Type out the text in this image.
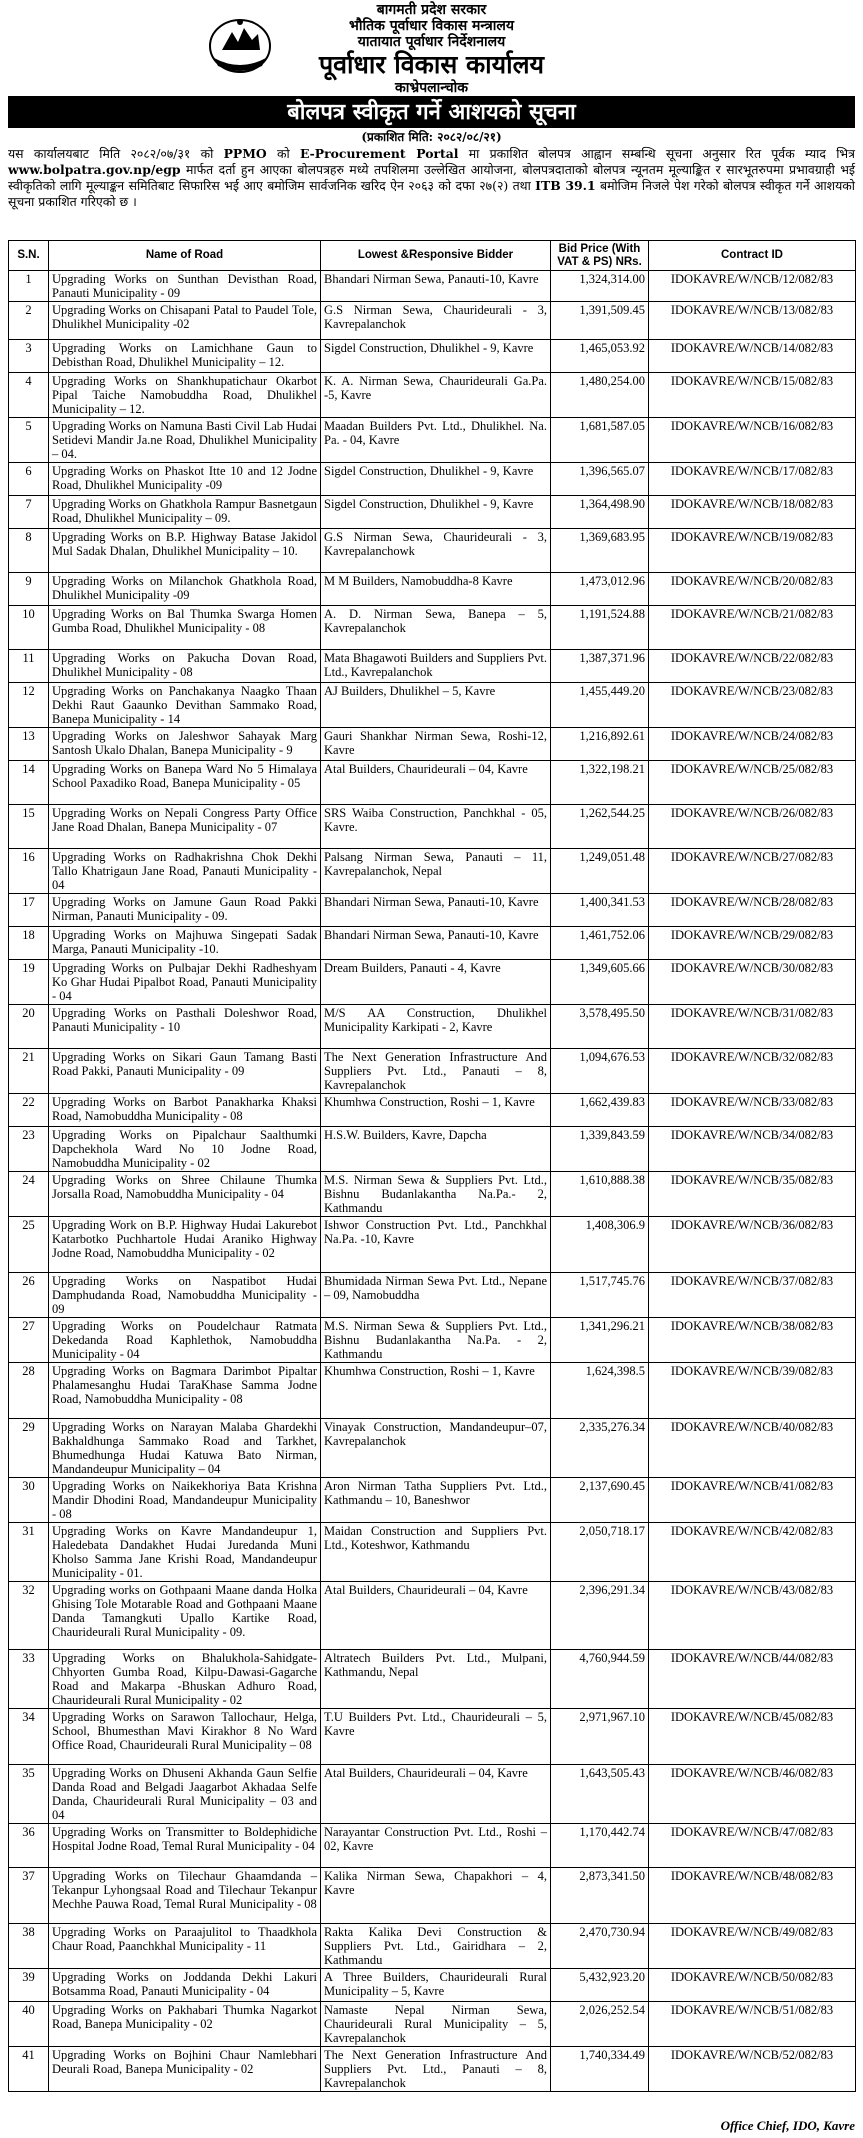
बागमती प्रदेश सरकार
भौतिक पूर्वाधार विकास मन्त्रालय
यातायात पूर्वाधार निर्देशनालय
पूर्वाधार विकास कार्यालय
काभ्रेपलान्चोक
बोलपत्र स्वीकृत गर्ने आशयको सूचना
(प्रकाशित मिति: २०८२/०८/२१)

यस कार्यालयबाट मिति २०८२/०७/३१ को PPMO को E-Procurement Portal मा प्रकाशित बोलपत्र आह्वान सम्बन्धि सूचना अनुसार रित पूर्वक म्याद भित्र www.bolpatra.gov.np/egp मार्फत दर्ता हुन आएका बोलपत्रहरु मध्ये तपशिलमा उल्लेखित आयोजना, बोलपत्रदाताको बोलपत्र न्यूनतम मूल्याङ्कित र सारभूतरुपमा प्रभावग्राही भई स्वीकृतिको लागि मूल्याङ्कन समितिबाट सिफारिस भई आए बमोजिम सार्वजनिक खरिद ऐन २०६३ को दफा २७(२) तथा ITB 39.1 बमोजिम निजले पेश गरेको बोलपत्र स्वीकृत गर्ने आशयको सूचना प्रकाशित गरिएको छ ।

S.N.	Name of Road	Lowest &Responsive Bidder	Bid Price (With VAT & PS) NRs.	Contract ID
1	Upgrading Works on Sunthan Devisthan Road, Panauti Municipality - 09	Bhandari Nirman Sewa, Panauti-10, Kavre	1,324,314.00	IDOKAVRE/W/NCB/12/082/83
2	Upgrading Works on Chisapani Patal to Paudel Tole, Dhulikhel Municipality -02	G.S Nirman Sewa, Chaurideurali - 3, Kavrepalanchok	1,391,509.45	IDOKAVRE/W/NCB/13/082/83
3	Upgrading Works on Lamichhane Gaun to Debisthan Road, Dhulikhel Municipality – 12.	Sigdel Construction, Dhulikhel - 9, Kavre	1,465,053.92	IDOKAVRE/W/NCB/14/082/83
4	Upgrading Works on Shankhupatichaur Okarbot Pipal Taiche Namobuddha Road, Dhulikhel Municipality – 12.	K. A. Nirman Sewa, Chaurideurali Ga.Pa. -5, Kavre	1,480,254.00	IDOKAVRE/W/NCB/15/082/83
5	Upgrading Works on Namuna Basti Civil Lab Hudai Setidevi Mandir Ja.ne Road, Dhulikhel Municipality – 04.	Maadan Builders Pvt. Ltd., Dhulikhel. Na. Pa. - 04, Kavre	1,681,587.05	IDOKAVRE/W/NCB/16/082/83
6	Upgrading Works on Phaskot Itte 10 and 12 Jodne Road, Dhulikhel Municipality -09	Sigdel Construction, Dhulikhel - 9, Kavre	1,396,565.07	IDOKAVRE/W/NCB/17/082/83
7	Upgrading Works on Ghatkhola Rampur Basnetgaun Road, Dhulikhel Municipality – 09.	Sigdel Construction, Dhulikhel - 9, Kavre	1,364,498.90	IDOKAVRE/W/NCB/18/082/83
8	Upgrading Works on B.P. Highway Batase Jakidol Mul Sadak Dhalan, Dhulikhel Municipality – 10.	G.S Nirman Sewa, Chaurideurali - 3, Kavrepalanchowk	1,369,683.95	IDOKAVRE/W/NCB/19/082/83
9	Upgrading Works on Milanchok Ghatkhola Road, Dhulikhel Municipality -09	M M Builders, Namobuddha-8 Kavre	1,473,012.96	IDOKAVRE/W/NCB/20/082/83
10	Upgrading Works on Bal Thumka Swarga Homen Gumba Road, Dhulikhel Municipality - 08	A. D. Nirman Sewa, Banepa – 5, Kavrepalanchok	1,191,524.88	IDOKAVRE/W/NCB/21/082/83
11	Upgrading Works on Pakucha Dovan Road, Dhulikhel Municipality - 08	Mata Bhagawoti Builders and Suppliers Pvt. Ltd., Kavrepalanchok	1,387,371.96	IDOKAVRE/W/NCB/22/082/83
12	Upgrading Works on Panchakanya Naagko Thaan Dekhi Raut Gaaunko Devithan Sammako Road, Banepa Municipality - 14	AJ Builders, Dhulikhel – 5, Kavre	1,455,449.20	IDOKAVRE/W/NCB/23/082/83
13	Upgrading Works on Jaleshwor Sahayak Marg Santosh Ukalo Dhalan, Banepa Municipality - 9	Gauri Shankhar Nirman Sewa, Roshi-12, Kavre	1,216,892.61	IDOKAVRE/W/NCB/24/082/83
14	Upgrading Works on Banepa Ward No 5 Himalaya School Paxadiko Road, Banepa Municipality - 05	Atal Builders, Chaurideurali – 04, Kavre	1,322,198.21	IDOKAVRE/W/NCB/25/082/83
15	Upgrading Works on Nepali Congress Party Office Jane Road Dhalan, Banepa Municipality - 07	SRS Waiba Construction, Panchkhal - 05, Kavre.	1,262,544.25	IDOKAVRE/W/NCB/26/082/83
16	Upgrading Works on Radhakrishna Chok Dekhi Tallo Khatrigaun Jane Road, Panauti Municipality - 04	Palsang Nirman Sewa, Panauti – 11, Kavrepalanchok, Nepal	1,249,051.48	IDOKAVRE/W/NCB/27/082/83
17	Upgrading Works on Jamune Gaun Road Pakki Nirman, Panauti Municipality - 09.	Bhandari Nirman Sewa, Panauti-10, Kavre	1,400,341.53	IDOKAVRE/W/NCB/28/082/83
18	Upgrading Works on Majhuwa Singepati Sadak Marga, Panauti Municipality -10.	Bhandari Nirman Sewa, Panauti-10, Kavre	1,461,752.06	IDOKAVRE/W/NCB/29/082/83
19	Upgrading Works on Pulbajar Dekhi Radheshyam Ko Ghar Hudai Pipalbot Road, Panauti Municipality - 04	Dream Builders, Panauti - 4, Kavre	1,349,605.66	IDOKAVRE/W/NCB/30/082/83
20	Upgrading Works on Pasthali Doleshwor Road, Panauti Municipality - 10	M/S AA Construction, Dhulikhel Municipality Karkipati - 2, Kavre	3,578,495.50	IDOKAVRE/W/NCB/31/082/83
21	Upgrading Works on Sikari Gaun Tamang Basti Road Pakki, Panauti Municipality - 09	The Next Generation Infrastructure And Suppliers Pvt. Ltd., Panauti – 8, Kavrepalanchok	1,094,676.53	IDOKAVRE/W/NCB/32/082/83
22	Upgrading Works on Barbot Panakharka Khaksi Road, Namobuddha Municipality - 08	Khumhwa Construction, Roshi – 1, Kavre	1,662,439.83	IDOKAVRE/W/NCB/33/082/83
23	Upgrading Works on Pipalchaur Saalthumki Dapchekhola Ward No 10 Jodne Road, Namobuddha Municipality - 02	H.S.W. Builders, Kavre, Dapcha	1,339,843.59	IDOKAVRE/W/NCB/34/082/83
24	Upgrading Works on Shree Chilaune Thumka Jorsalla Road, Namobuddha Municipality - 04	M.S. Nirman Sewa & Suppliers Pvt. Ltd., Bishnu Budanlakantha Na.Pa.- 2, Kathmandu	1,610,888.38	IDOKAVRE/W/NCB/35/082/83
25	Upgrading Work on B.P. Highway Hudai Lakurebot Katarbotko Puchhartole Hudai Araniko Highway Jodne Road, Namobuddha Municipality - 02	Ishwor Construction Pvt. Ltd., Panchkhal Na.Pa. -10, Kavre	1,408,306.9	IDOKAVRE/W/NCB/36/082/83
26	Upgrading Works on Naspatibot Hudai Damphudanda Road, Namobuddha Municipality - 09	Bhumidada Nirman Sewa Pvt. Ltd., Nepane – 09, Namobuddha	1,517,745.76	IDOKAVRE/W/NCB/37/082/83
27	Upgrading Works on Poudelchaur Ratmata Dekedanda Road Kaphlethok, Namobuddha Municipality - 04	M.S. Nirman Sewa & Suppliers Pvt. Ltd., Bishnu Budanlakantha Na.Pa. - 2, Kathmandu	1,341,296.21	IDOKAVRE/W/NCB/38/082/83
28	Upgrading Works on Bagmara Darimbot Pipaltar Phalamesanghu Hudai TaraKhase Samma Jodne Road, Namobuddha Municipality - 08	Khumhwa Construction, Roshi – 1, Kavre	1,624,398.5	IDOKAVRE/W/NCB/39/082/83
29	Upgrading Works on Narayan Malaba Ghardekhi Bakhaldhunga Sammako Road and Tarkhet, Bhumedhunga Hudai Katuwa Bato Nirman, Mandandeupur Municipality – 04	Vinayak Construction, Mandandeupur–07, Kavrepalanchok	2,335,276.34	IDOKAVRE/W/NCB/40/082/83
30	Upgrading Works on Naikekhoriya Bata Krishna Mandir Dhodini Road, Mandandeupur Municipality - 08	Aron Nirman Tatha Suppliers Pvt. Ltd., Kathmandu – 10, Baneshwor	2,137,690.45	IDOKAVRE/W/NCB/41/082/83
31	Upgrading Works on Kavre Mandandeupur 1, Haledebata Dandakhet Hudai Juredanda Muni Kholso Samma Jane Krishi Road, Mandandeupur Municipality - 01.	Maidan Construction and Suppliers Pvt. Ltd., Koteshwor, Kathmandu	2,050,718.17	IDOKAVRE/W/NCB/42/082/83
32	Upgrading works on Gothpaani Maane danda Holka Ghising Tole Motarable Road and Gothpaani Maane Danda Tamangkuti Upallo Kartike Road, Chaurideurali Rural Municipality - 09.	Atal Builders, Chaurideurali – 04, Kavre	2,396,291.34	IDOKAVRE/W/NCB/43/082/83
33	Upgrading Works on Bhalukhola-Sahidgate-Chhyorten Gumba Road, Kilpu-Dawasi-Gagarche Road and Makarpa -Bhuskan Adhuro Road, Chaurideurali Rural Municipality - 02	Altratech Builders Pvt. Ltd., Mulpani, Kathmandu, Nepal	4,760,944.59	IDOKAVRE/W/NCB/44/082/83
34	Upgrading Works on Sarawon Tallochaur, Helga, School, Bhumesthan Mavi Kirakhor 8 No Ward Office Road, Chaurideurali Rural Municipality – 08	T.U Builders Pvt. Ltd., Chaurideurali – 5, Kavre	2,971,967.10	IDOKAVRE/W/NCB/45/082/83
35	Upgrading Works on Dhuseni Akhanda Gaun Selfie Danda Road and Belgadi Jaagarbot Akhadaa Selfe Danda, Chaurideurali Rural Municipality – 03 and 04	Atal Builders, Chaurideurali – 04, Kavre	1,643,505.43	IDOKAVRE/W/NCB/46/082/83
36	Upgrading Works on Transmitter to Boldephidiche Hospital Jodne Road, Temal Rural Municipality - 04	Narayantar Construction Pvt. Ltd., Roshi – 02, Kavre	1,170,442.74	IDOKAVRE/W/NCB/47/082/83
37	Upgrading Works on Tilechaur Ghaamdanda – Tekanpur Lyhongsaal Road and Tilechaur Tekanpur Mechhe Pauwa Road, Temal Rural Municipality - 08	Kalika Nirman Sewa, Chapakhori – 4, Kavre	2,873,341.50	IDOKAVRE/W/NCB/48/082/83
38	Upgrading Works on Paraajulitol to Thaadkhola Chaur Road, Paanchkhal Municipality - 11	Rakta Kalika Devi Construction & Suppliers Pvt. Ltd., Gairidhara – 2, Kathmandu	2,470,730.94	IDOKAVRE/W/NCB/49/082/83
39	Upgrading Works on Joddanda Dekhi Lakuri Botsamma Road, Panauti Municipality - 04	A Three Builders, Chaurideurali Rural Municipality – 5, Kavre	5,432,923.20	IDOKAVRE/W/NCB/50/082/83
40	Upgrading Works on Pakhabari Thumka Nagarkot Road, Banepa Municipality - 02	Namaste Nepal Nirman Sewa, Chaurideurali Rural Municipality – 5, Kavrepalanchok	2,026,252.54	IDOKAVRE/W/NCB/51/082/83
41	Upgrading Works on Bojhini Chaur Namlebhari Deurali Road, Banepa Municipality - 02	The Next Generation Infrastructure And Suppliers Pvt. Ltd., Panauti – 8, Kavrepalanchok	1,740,334.49	IDOKAVRE/W/NCB/52/082/83
Office Chief, IDO, Kavre
